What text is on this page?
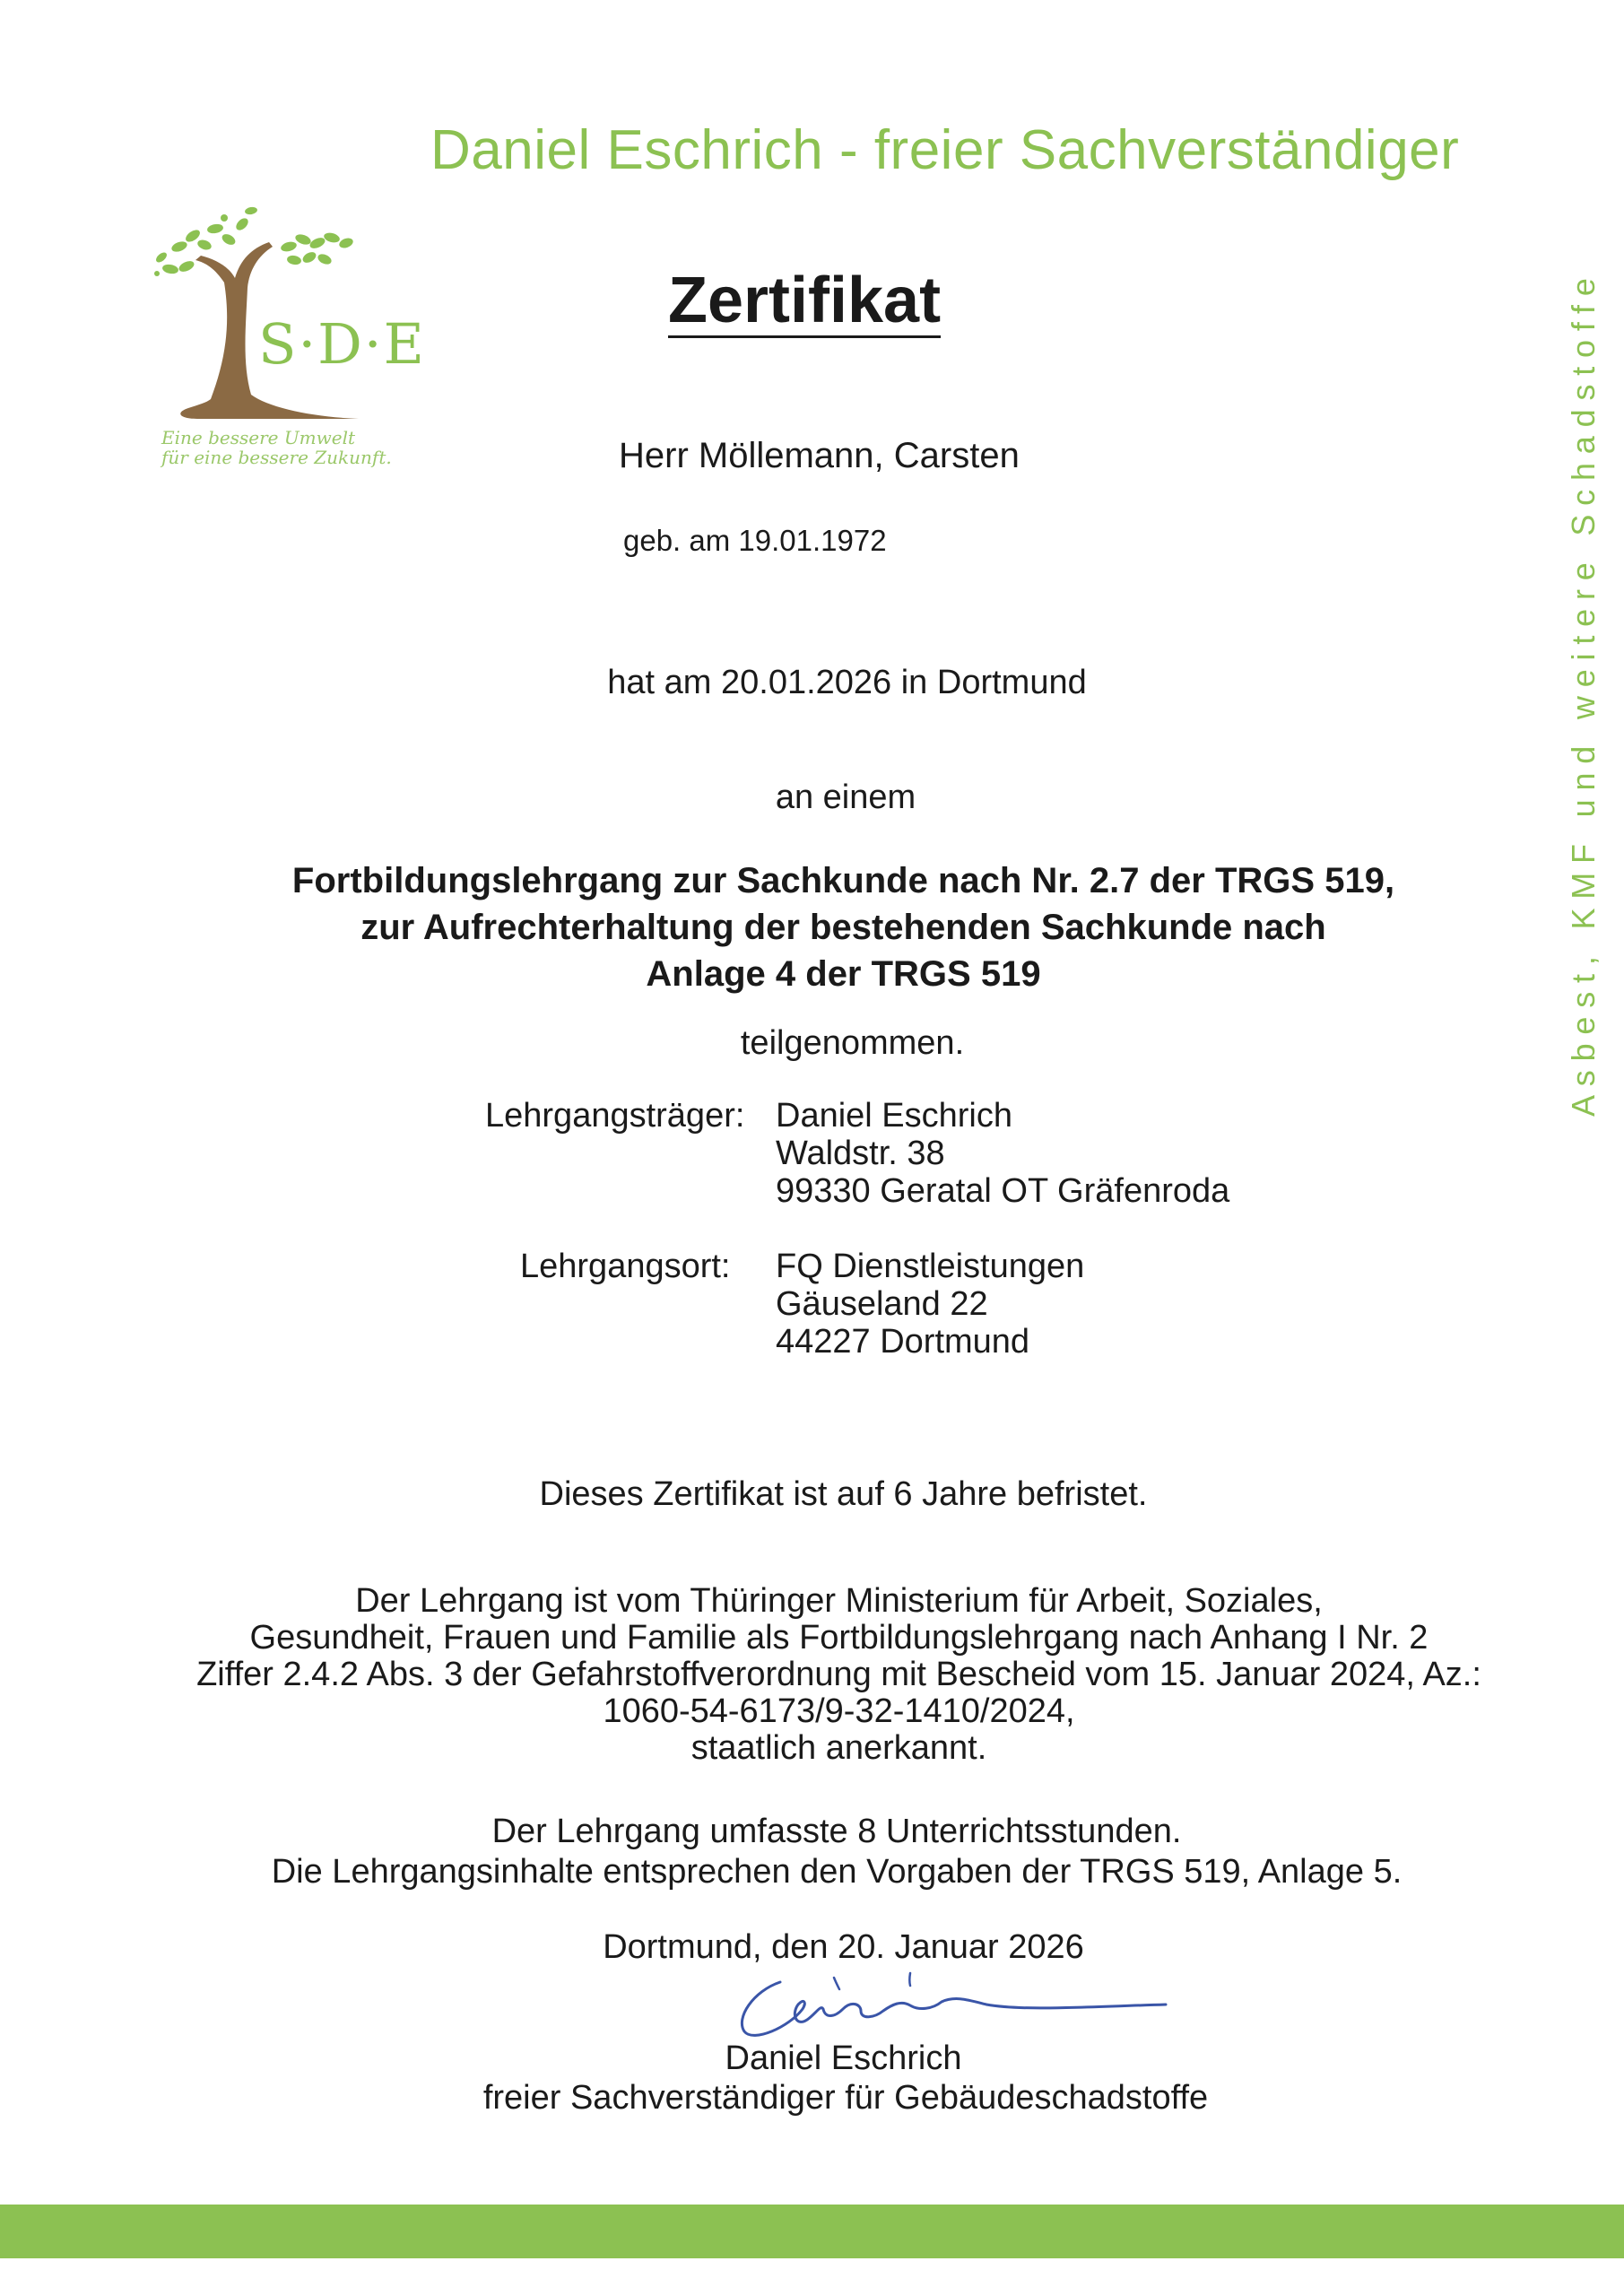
Daniel Eschrich - freier Sachverständiger
Asbest, KMF und weitere Schadstoffe
S·D·E
Eine bessere Umwelt
für eine bessere Zukunft.
Zertifikat
Herr Möllemann, Carsten
geb. am 19.01.1972
hat am 20.01.2026 in Dortmund
an einem
Fortbildungslehrgang zur Sachkunde nach Nr. 2.7 der TRGS 519,
zur Aufrechterhaltung der bestehenden Sachkunde nach
Anlage 4 der TRGS 519
teilgenommen.
Lehrgangsträger: Daniel Eschrich
Waldstr. 38
99330 Geratal OT Gräfenroda
Lehrgangsort: FQ Dienstleistungen
Gäuseland 22
44227 Dortmund
Dieses Zertifikat ist auf 6 Jahre befristet.
Der Lehrgang ist vom Thüringer Ministerium für Arbeit, Soziales,
Gesundheit, Frauen und Familie als Fortbildungslehrgang nach Anhang I Nr. 2
Ziffer 2.4.2 Abs. 3 der Gefahrstoffverordnung mit Bescheid vom 15. Januar 2024, Az.:
1060-54-6173/9-32-1410/2024,
staatlich anerkannt.
Der Lehrgang umfasste 8 Unterrichtsstunden.
Die Lehrgangsinhalte entsprechen den Vorgaben der TRGS 519, Anlage 5.
Dortmund, den 20. Januar 2026
Daniel Eschrich
freier Sachverständiger für Gebäudeschadstoffe
